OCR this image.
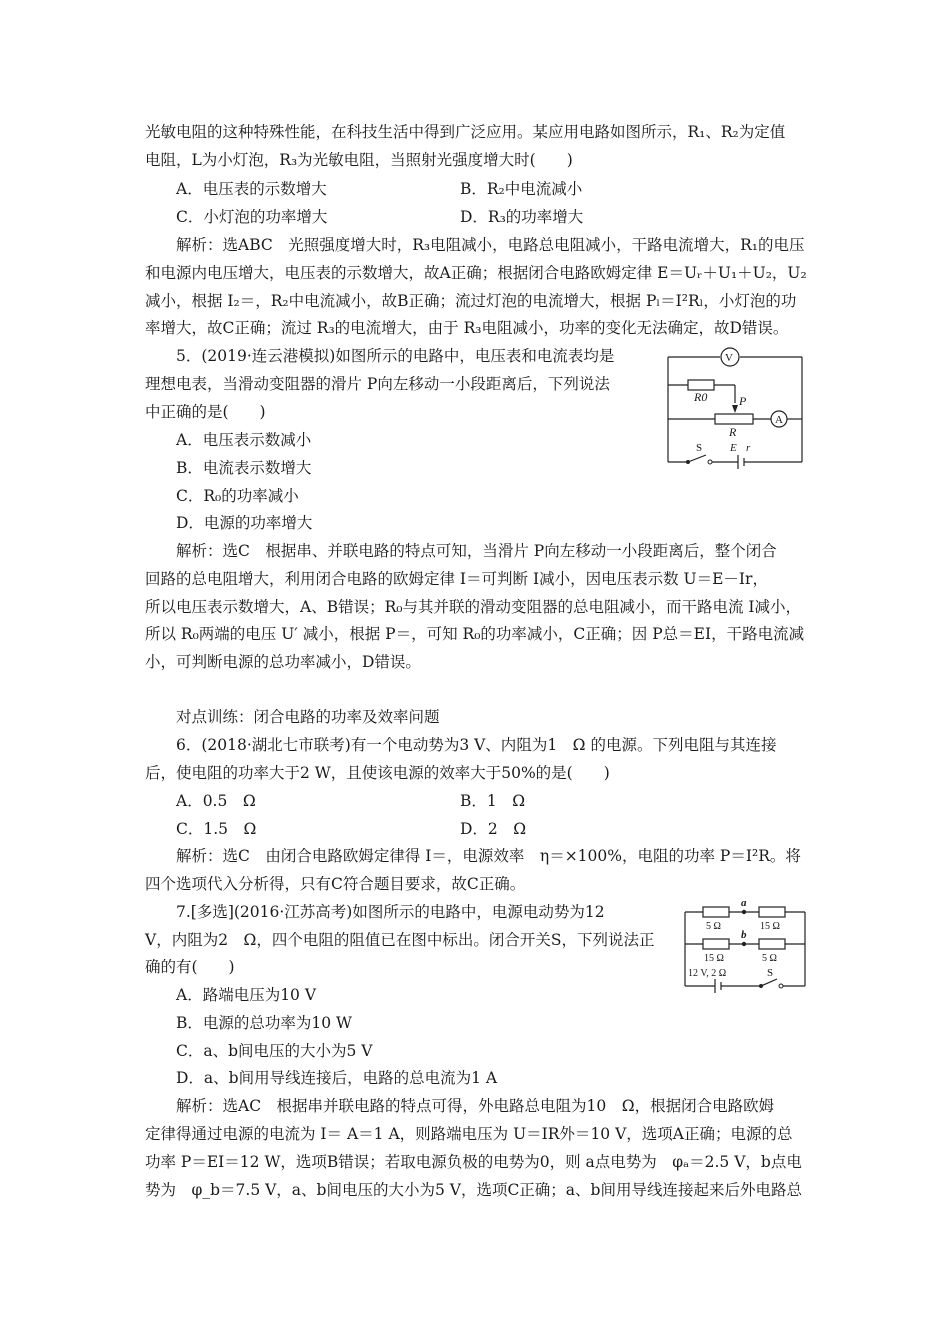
光敏电阻的这种特殊性能，在科技生活中得到广泛应用。某应用电路如图所示，R₁、R₂为定值
电阻，L为小灯泡，R₃为光敏电阻，当照射光强度增大时(　　)
A．电压表的示数增大	B．R₂中电流减小
C．小灯泡的功率增大	D．R₃的功率增大
解析：选ABC　光照强度增大时，R₃电阻减小，电路总电阻减小，干路电流增大，R₁的电压
和电源内电压增大，电压表的示数增大，故A正确；根据闭合电路欧姆定律 E＝Uᵣ＋U₁＋U₂，U₂
减小，根据 I₂＝，R₂中电流减小，故B正确；流过灯泡的电流增大，根据 Pₗ＝I²Rₗ，小灯泡的功
率增大，故C正确；流过 R₃的电流增大，由于 R₃电阻减小，功率的变化无法确定，故D错误。
5．(2019·连云港模拟)如图所示的电路中，电压表和电流表均是
理想电表，当滑动变阻器的滑片 P向左移动一小段距离后，下列说法
中正确的是(　　)
A．电压表示数减小
B．电流表示数增大
C．R₀的功率减小
D．电源的功率增大
解析：选C　根据串、并联电路的特点可知，当滑片 P向左移动一小段距离后，整个闭合
回路的总电阻增大，利用闭合电路的欧姆定律 I＝可判断 I减小，因电压表示数 U＝E－Ir，
所以电压表示数增大，A、B错误；R₀与其并联的滑动变阻器的总电阻减小，而干路电流 I减小，
所以 R₀两端的电压 U′ 减小，根据 P＝，可知 R₀的功率减小，C正确；因 P总＝EI，干路电流减
小，可判断电源的总功率减小，D错误。
对点训练：闭合电路的功率及效率问题
6．(2018·湖北七市联考)有一个电动势为3 V、内阻为1　Ω 的电源。下列电阻与其连接
后，使电阻的功率大于2 W，且使该电源的效率大于50%的是(　　)
A．0.5　Ω	B．1　Ω
C．1.5　Ω	D．2　Ω
解析：选C　由闭合电路欧姆定律得 I＝，电源效率　η＝×100%，电阻的功率 P＝I²R。将
四个选项代入分析得，只有C符合题目要求，故C正确。
7.[多选](2016·江苏高考)如图所示的电路中，电源电动势为12
V，内阻为2　Ω，四个电阻的阻值已在图中标出。闭合开关S，下列说法正
确的有(　　)
A．路端电压为10 V
B．电源的总功率为10 W
C．a、b间电压的大小为5 V
D．a、b间用导线连接后，电路的总电流为1 A
解析：选AC　根据串并联电路的特点可得，外电路总电阻为10　Ω，根据闭合电路欧姆
定律得通过电源的电流为 I＝ A＝1 A，则路端电压为 U＝IR外＝10 V，选项A正确；电源的总
功率 P＝EI＝12 W，选项B错误；若取电源负极的电势为0，则 a点电势为　φₐ＝2.5 V，b点电
势为　φ_b＝7.5 V，a、b间电压的大小为5 V，选项C正确；a、b间用导线连接起来后外电路总
V
R0	P
R
A
S	E r
a
b
5 Ω	15 Ω
15 Ω	5 Ω
12 V, 2 Ω	S
